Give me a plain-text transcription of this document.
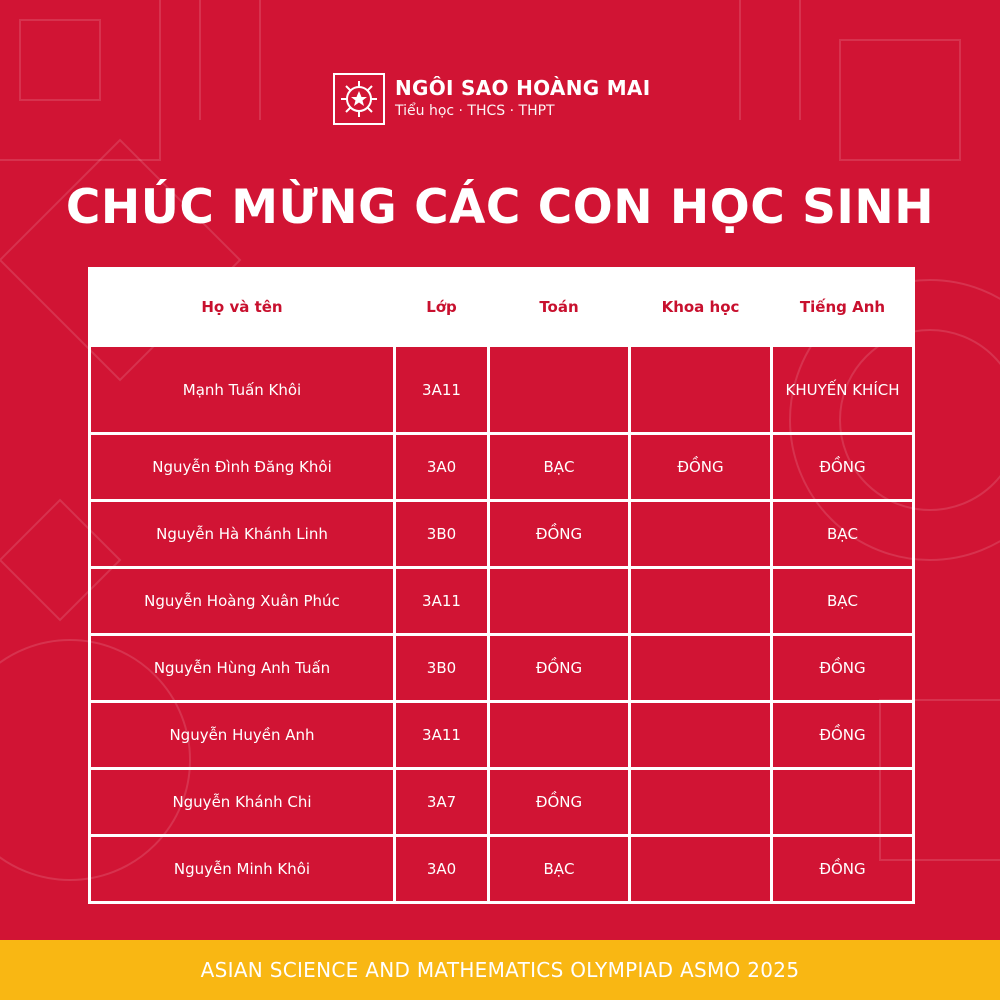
NGÔI SAO HOÀNG MAI
Tiểu học · THCS · THPT
CHÚC MỪNG CÁC CON HỌC SINH
Họ và tên	Lớp	Toán	Khoa học	Tiếng Anh
Mạnh Tuấn Khôi	3A11			KHUYẾN KHÍCH
Nguyễn Đình Đăng Khôi	3A0	BẠC	ĐỒNG	ĐỒNG
Nguyễn Hà Khánh Linh	3B0	ĐỒNG		BẠC
Nguyễn Hoàng Xuân Phúc	3A11			BẠC
Nguyễn Hùng Anh Tuấn	3B0	ĐỒNG		ĐỒNG
Nguyễn Huyền Anh	3A11			ĐỒNG
Nguyễn Khánh Chi	3A7	ĐỒNG		
Nguyễn Minh Khôi	3A0	BẠC		ĐỒNG
ASIAN SCIENCE AND MATHEMATICS OLYMPIAD ASMO 2025
